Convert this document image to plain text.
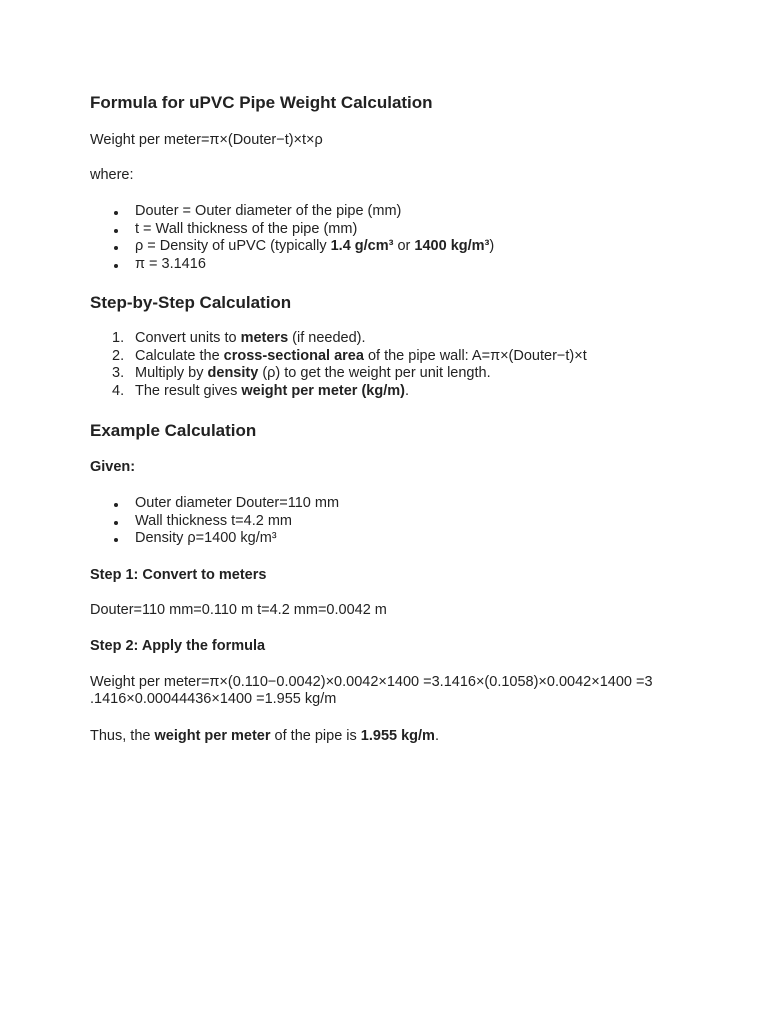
Formula for uPVC Pipe Weight Calculation

Weight per meter=π×(Douter−t)×t×ρ

where:

Douter = Outer diameter of the pipe (mm)
t = Wall thickness of the pipe (mm)
ρ = Density of uPVC (typically 1.4 g/cm³ or 1400 kg/m³)
π = 3.1416
Step-by-Step Calculation
1. Convert units to meters (if needed).
2. Calculate the cross-sectional area of the pipe wall: A=π×(Douter−t)×t
3. Multiply by density (ρ) to get the weight per unit length.
4. The result gives weight per meter (kg/m).
Example Calculation

Given:

Outer diameter Douter=110 mm
Wall thickness t=4.2 mm
Density ρ=1400 kg/m³

Step 1: Convert to meters

Douter=110 mm=0.110 m t=4.2 mm=0.0042 m

Step 2: Apply the formula

Weight per meter=π×(0.110−0.0042)×0.0042×1400 =3.1416×(0.1058)×0.0042×1400 =3

.1416×0.00044436×1400 =1.955 kg/m

Thus, the weight per meter of the pipe is 1.955 kg/m.
